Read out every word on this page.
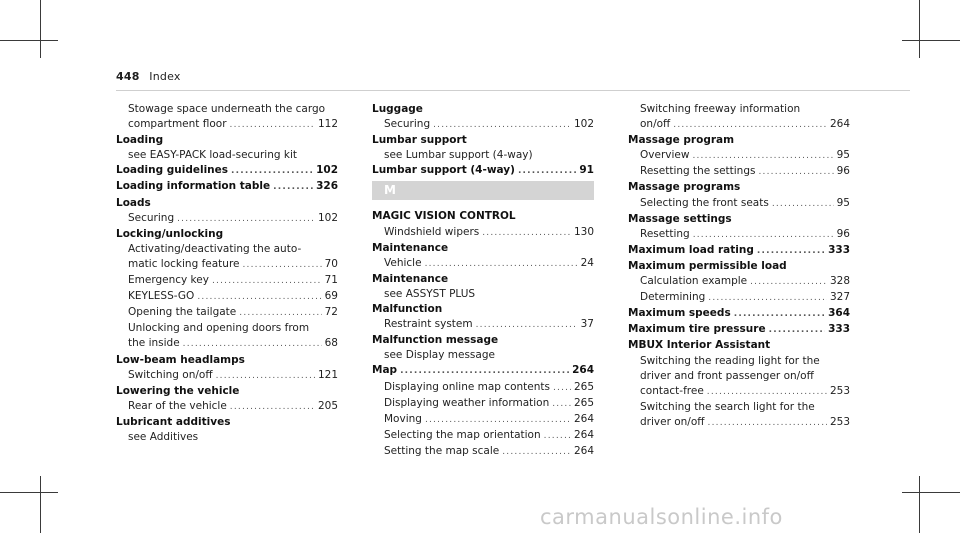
448 Index
Stowage space underneath the cargo
compartment floor .....	112
Loading
see EASY-PACK load-securing kit
Loading guidelines .....	102
Loading information table .....	326
Loads
Securing .....	102
Locking/unlocking
Activating/deactivating the auto-
matic locking feature .....	70
Emergency key .....	71
KEYLESS-GO .....	69
Opening the tailgate .....	72
Unlocking and opening doors from
the inside .....	68
Low-beam headlamps
Switching on/off .....	121
Lowering the vehicle
Rear of the vehicle .....	205
Lubricant additives
see Additives
Luggage
Securing .....	102
Lumbar support
see Lumbar support (4-way)
Lumbar support (4-way) .....	91
M
MAGIC VISION CONTROL
Windshield wipers .....	130
Maintenance
Vehicle .....	24
Maintenance
see ASSYST PLUS
Malfunction
Restraint system .....	37
Malfunction message
see Display message
Map .....	264
Displaying online map contents ..... 265
Displaying weather information ..... 265
Moving .....	264
Selecting the map orientation .....	264
Setting the map scale .....	264
Switching freeway information
on/off .....	264
Massage program
Overview .....	95
Resetting the settings .....	96
Massage programs
Selecting the front seats .....	95
Massage settings
Resetting .....	96
Maximum load rating .....	333
Maximum permissible load
Calculation example .....	328
Determining .....	327
Maximum speeds .....	364
Maximum tire pressure .....	333
MBUX Interior Assistant
Switching the reading light for the
driver and front passenger on/off
contact-free .....	253
Switching the search light for the
driver on/off .....	253
carmanualsonline.info
